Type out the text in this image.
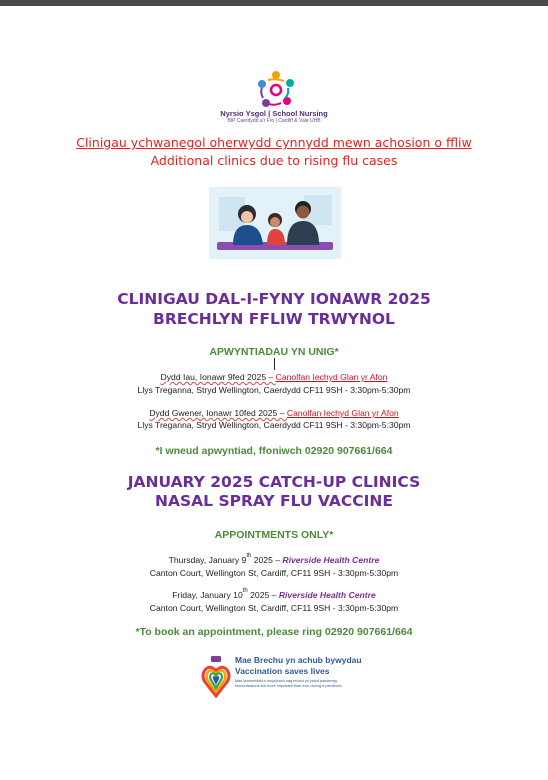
Nyrsio Ysgol | School Nursing
BIP Caerdydd a'r Fro | Cardiff & Vale UHB
Clinigau ychwanegol oherwydd cynnydd mewn achosion o ffliw
Additional clinics due to rising flu cases
CLINIGAU DAL-I-FYNY IONAWR 2025
BRECHLYN FFLIW TRWYNOL
APWYNTIADAU YN UNIG*
Dydd Iau, Ionawr 9fed 2025 – Canolfan Iechyd Glan yr Afon
Llys Treganna, Stryd Wellington, Caerdydd CF11 9SH - 3:30pm-5:30pm
Dydd Gwener, Ionawr 10fed 2025 – Canolfan Iechyd Glan yr Afon
Llys Treganna, Stryd Wellington, Caerdydd CF11 9SH - 3:30pm-5:30pm
*I wneud apwyntiad, ffoniwch 02920 907661/664
JANUARY 2025 CATCH-UP CLINICS
NASAL SPRAY FLU VACCINE
APPOINTMENTS ONLY*
Thursday, January 9th 2025 – Riverside Health Centre
Canton Court, Wellington St, Cardiff, CF11 9SH - 3:30pm-5:30pm
Friday, January 10th 2025 – Riverside Health Centre
Canton Court, Wellington St, Cardiff, CF11 9SH - 3:30pm-5:30pm
*To book an appointment, please ring 02920 907661/664
Mae Brechu yn achub bywydau
Vaccination saves lives
Mae imiwneiddio'n bwysicach nag erioed yn ystod pandemig. Immunisations are more important than ever during a pandemic
